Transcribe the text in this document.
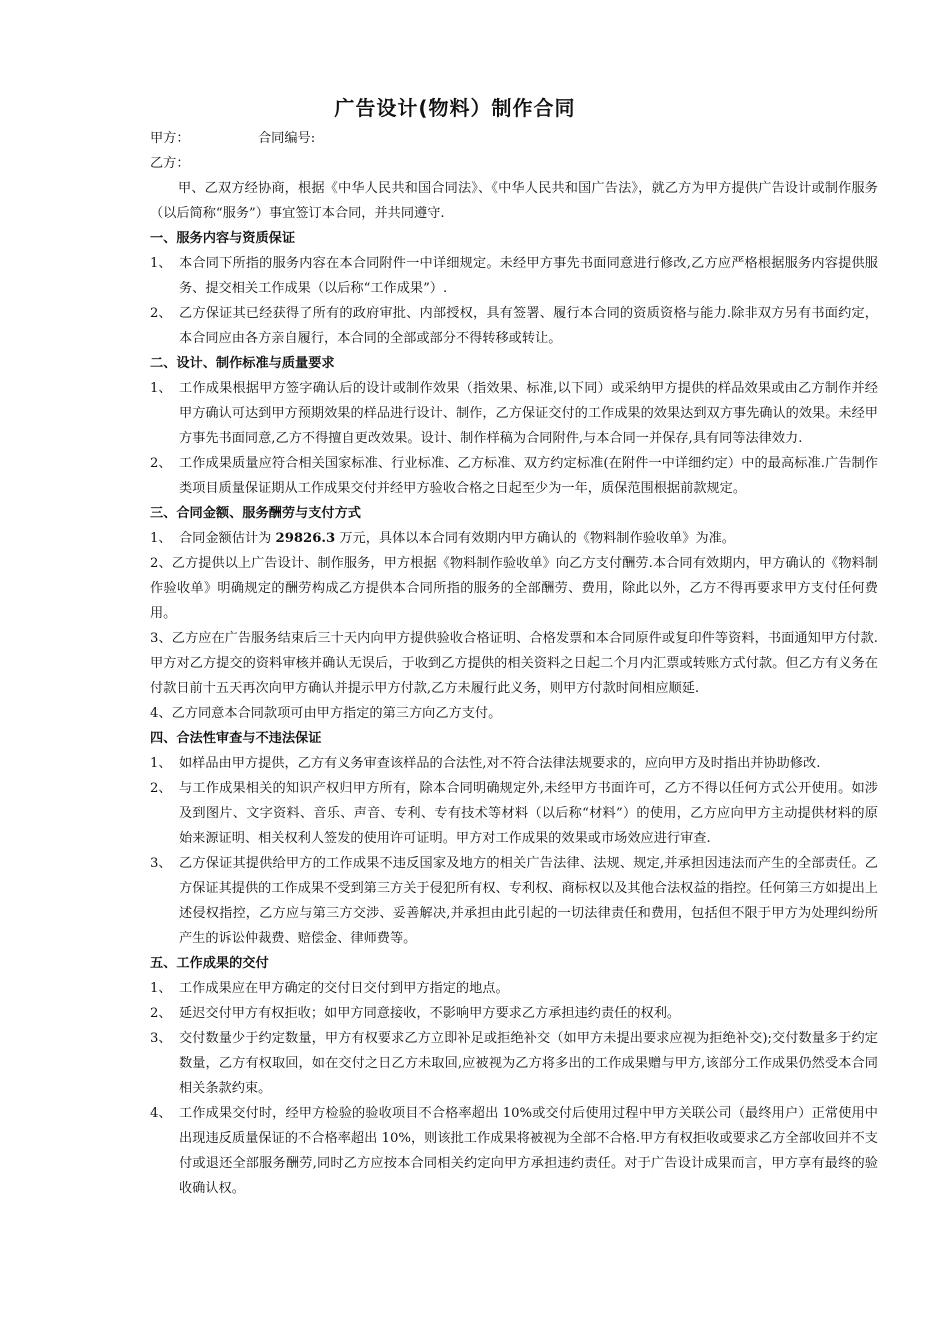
广告设计(物料）制作合同
甲方：	合同编号:
乙方：
甲、乙双方经协商，根据《中华人民共和国合同法》、《中华人民共和国广告法》，就乙方为甲方提供广告设计或制作服务（以后简称“服务”）事宜签订本合同，并共同遵守.
一、服务内容与资质保证
1、 本合同下所指的服务内容在本合同附件一中详细规定。未经甲方事先书面同意进行修改,乙方应严格根据服务内容提供服务、提交相关工作成果（以后称“工作成果”）.
2、 乙方保证其已经获得了所有的政府审批、内部授权，具有签署、履行本合同的资质资格与能力.除非双方另有书面约定，本合同应由各方亲自履行，本合同的全部或部分不得转移或转让。
二、设计、制作标准与质量要求
1、 工作成果根据甲方签字确认后的设计或制作效果（指效果、标准,以下同）或采纳甲方提供的样品效果或由乙方制作并经甲方确认可达到甲方预期效果的样品进行设计、制作，乙方保证交付的工作成果的效果达到双方事先确认的效果。未经甲方事先书面同意,乙方不得擅自更改效果。设计、制作样稿为合同附件,与本合同一并保存,具有同等法律效力.
2、 工作成果质量应符合相关国家标准、行业标准、乙方标准、双方约定标准(在附件一中详细约定）中的最高标准.广告制作类项目质量保证期从工作成果交付并经甲方验收合格之日起至少为一年，质保范围根据前款规定。
三、合同金额、服务酬劳与支付方式
1、 合同金额估计为 29826.3 万元，具体以本合同有效期内甲方确认的《物料制作验收单》为准。
2、乙方提供以上广告设计、制作服务，甲方根据《物料制作验收单》向乙方支付酬劳.本合同有效期内，甲方确认的《物料制作验收单》明确规定的酬劳构成乙方提供本合同所指的服务的全部酬劳、费用，除此以外，乙方不得再要求甲方支付任何费用。
3、乙方应在广告服务结束后三十天内向甲方提供验收合格证明、合格发票和本合同原件或复印件等资料，书面通知甲方付款.甲方对乙方提交的资料审核并确认无误后，于收到乙方提供的相关资料之日起二个月内汇票或转账方式付款。但乙方有义务在付款日前十五天再次向甲方确认并提示甲方付款,乙方未履行此义务，则甲方付款时间相应顺延.
4、乙方同意本合同款项可由甲方指定的第三方向乙方支付。
四、合法性审查与不违法保证
1、 如样品由甲方提供，乙方有义务审查该样品的合法性,对不符合法律法规要求的，应向甲方及时指出并协助修改.
2、 与工作成果相关的知识产权归甲方所有，除本合同明确规定外,未经甲方书面许可，乙方不得以任何方式公开使用。如涉及到图片、文字资料、音乐、声音、专利、专有技术等材料（以后称“材料”）的使用，乙方应向甲方主动提供材料的原始来源证明、相关权利人签发的使用许可证明。甲方对工作成果的效果或市场效应进行审查.
3、 乙方保证其提供给甲方的工作成果不违反国家及地方的相关广告法律、法规、规定,并承担因违法而产生的全部责任。乙方保证其提供的工作成果不受到第三方关于侵犯所有权、专利权、商标权以及其他合法权益的指控。任何第三方如提出上述侵权指控，乙方应与第三方交涉、妥善解决,并承担由此引起的一切法律责任和费用，包括但不限于甲方为处理纠纷所产生的诉讼仲裁费、赔偿金、律师费等。
五、工作成果的交付
1、 工作成果应在甲方确定的交付日交付到甲方指定的地点。
2、 延迟交付甲方有权拒收；如甲方同意接收，不影响甲方要求乙方承担违约责任的权利。
3、 交付数量少于约定数量，甲方有权要求乙方立即补足或拒绝补交（如甲方未提出要求应视为拒绝补交);交付数量多于约定数量，乙方有权取回，如在交付之日乙方未取回,应被视为乙方将多出的工作成果赠与甲方,该部分工作成果仍然受本合同相关条款约束。
4、 工作成果交付时，经甲方检验的验收项目不合格率超出 10%或交付后使用过程中甲方关联公司（最终用户）正常使用中出现违反质量保证的不合格率超出 10%，则该批工作成果将被视为全部不合格.甲方有权拒收或要求乙方全部收回并不支付或退还全部服务酬劳,同时乙方应按本合同相关约定向甲方承担违约责任。对于广告设计成果而言，甲方享有最终的验收确认权。
